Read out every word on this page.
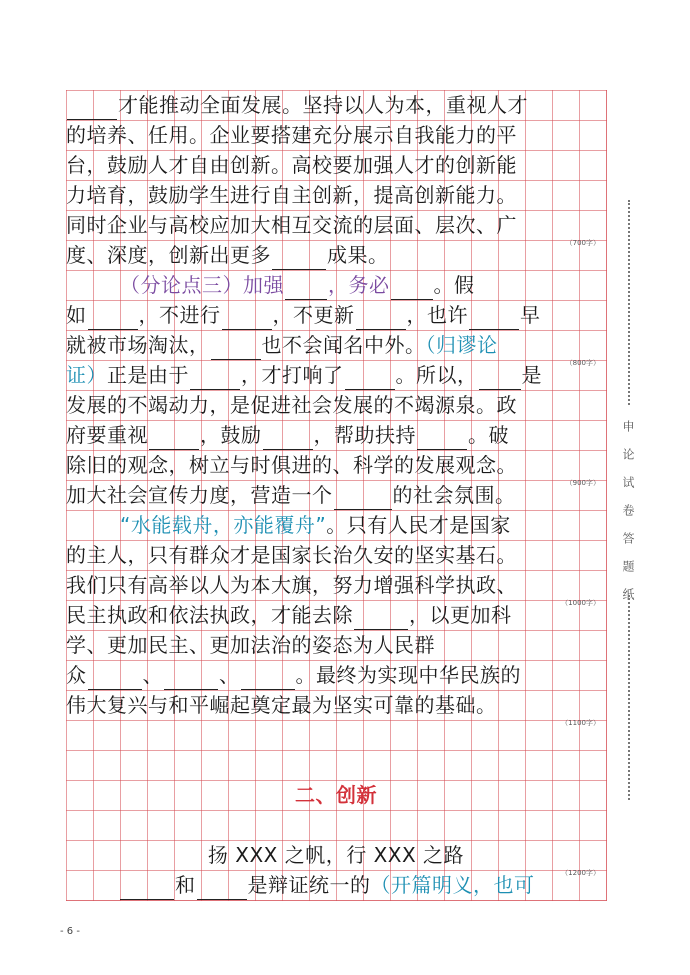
才能推动全面发展。坚持以人为本，重视人才
的培养、任用。企业要搭建充分展示自我能力的平
台，鼓励人才自由创新。高校要加强人才的创新能
力培育，鼓励学生进行自主创新，提高创新能力。
同时企业与高校应加大相互交流的层面、层次、广
度、深度，创新出更多	成果。
（分论点三）加强 ，务必 。假
如	，不进行	，不更新	，也许	早
就被市场淘汰，	也不会闻名中外。（归谬论
证）正是由于	，才打响了	。所以， 是
发展的不竭动力，是促进社会发展的不竭源泉。政
府要重视	，鼓励	，帮助扶持	。破
除旧的观念，树立与时俱进的、科学的发展观念。
加大社会宣传力度，营造一个	的社会氛围。
“水能载舟，亦能覆舟”。只有人民才是国家
的主人，只有群众才是国家长治久安的坚实基石。
我们只有高举以人为本大旗，努力增强科学执政、
民主执政和依法执政，才能去除	，以更加科
学、更加民主、更加法治的姿态为人民群
众	、	、	。最终为实现中华民族的
伟大复兴与和平崛起奠定最为坚实可靠的基础。
二、创新
扬 XXX 之帆，行 XXX 之路
和	是辩证统一的（开篇明义，也可
（700字）
（800字）
（900字）
（1000字）
（1100字）
（1200字）
申论试卷答题纸
- 6 -
